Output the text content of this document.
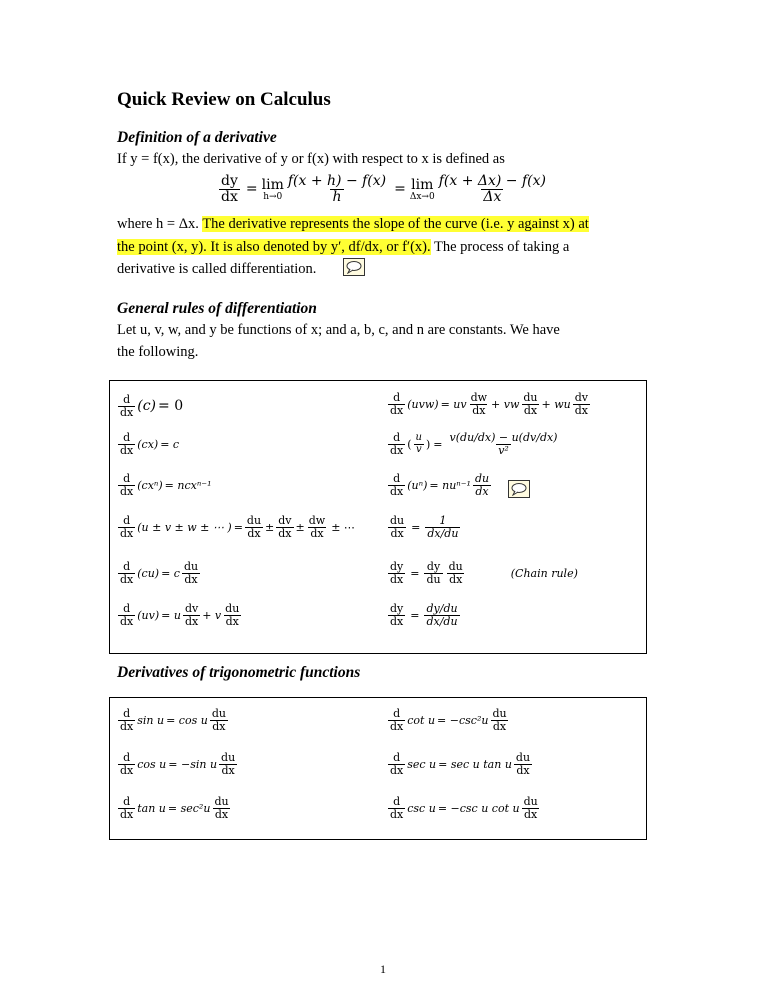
Quick Review on Calculus
Definition of a derivative
If y = f(x), the derivative of y or f(x) with respect to x is defined as
$\frac{dy}{dx} = \lim$
$h\to 0 \frac{f(x + h) - f(x)}{h} = \lim$
$\Delta x\to 0 \frac{f(x + \Delta x) - f(x)}{\Delta x}$
where h = Δx. The derivative represents the slope of the curve (i.e. y against x) at
the point (x, y). It is also denoted by y′, df/dx, or f′(x). The process of taking a
derivative is called differentiation.
General rules of differentiation
Let u, v, w, and y be functions of x; and a, b, c, and n are constants. We have
the following.
$\frac{d}{dx} (c) = 0$
$\frac{d}{dx} (cx) = c$
$\frac{d}{dx} (cx^n) = ncx^{n-1}$
$\frac{d}{dx} (u \pm v \pm w$ ± ⋯ ) = $\frac{du}{dx} \pm \frac{dv}{dx} \pm \frac{dw}{dx}$ ± ⋯
$\frac{d}{dx} (cu) = c \frac{du}{dx}$
$\frac{d}{dx} (uv) = u \frac{dv}{dx} + v \frac{du}{dx}$
$\frac{d}{dx} (uvw)$ = uv $\frac{dw}{dx}$ + vw $\frac{du}{dx}$ + wu $\frac{dv}{dx}$
$\frac{d}{dx}$ ( $\frac{u}{v}$ ) = $\frac{v(du/dx) - u(dv/dx)}{\text{v²}}$
$\frac{d}{dx} (u^n) = nu^{n-1} \frac{du}{dx}$
$\frac{du}{dx} = \frac{1}{dx/du}$
$\frac{dy}{dx} = \frac{dy}{du} \frac{du}{dx}$	(Chain rule)
$\frac{dy}{dx} = \frac{dy/du}{dx/du}$
Derivatives of trigonometric functions
$\frac{d}{dx}$ sin u = cos u $\frac{du}{dx}$
$\frac{d}{dx}$ cos u = −sin u $\frac{du}{dx}$
$\frac{d}{dx}$ $\tan u = \sec^2u \frac{du}{dx}$
$\frac{d}{dx}$ $\cot u = -\csc^2u \frac{du}{dx}$
$\frac{d}{dx}$ sec u = sec u tan u $\frac{du}{dx}$
$\frac{d}{dx}$ csc u = −csc u cot u $\frac{du}{dx}$
1
